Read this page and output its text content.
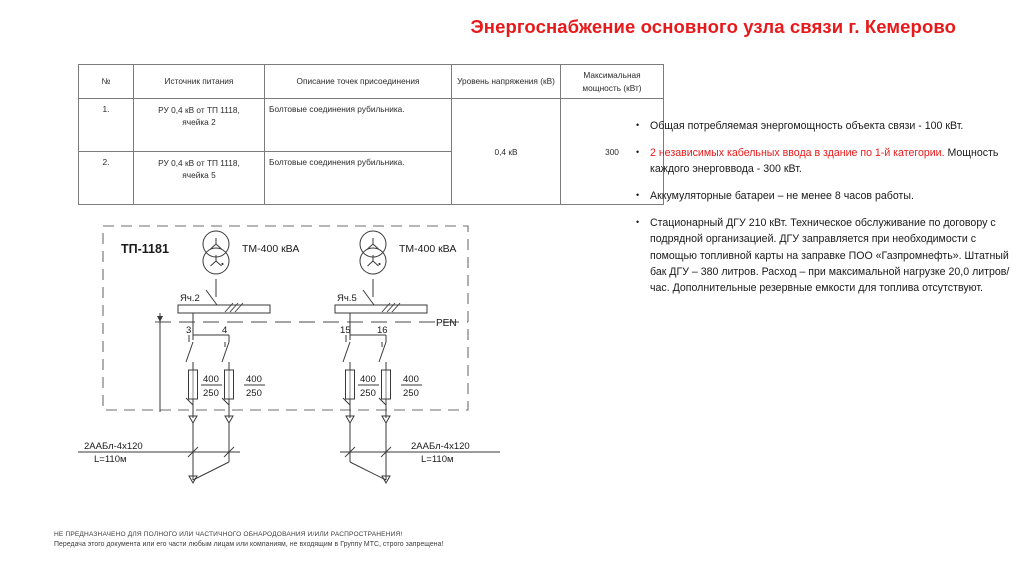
Энергоснабжение основного узла связи г. Кемерово
№	Источник питания	Описание точек присоединения	Уровень напряжения (кВ)	Максимальная мощность (кВт)
1.	РУ 0,4 кВ от ТП 1118,
ячейка 2	Болтовые соединения рубильника.	0,4 кВ	300
2.	РУ 0,4 кВ от ТП 1118,
ячейка 5	Болтовые соединения рубильника.		
•	Общая потребляемая энергомощность объекта связи - 100 кВт.
•	2 независимых кабельных ввода в здание по 1-й категории. Мощность каждого энерговвода - 300 кВт.
•	Аккумуляторные батареи – не менее 8 часов работы.
•	Стационарный ДГУ 210 кВт. Техническое обслуживание по договору с подрядной организацией. ДГУ заправляется при необходимости с помощью топливной карты на заправке ПОО «Газпромнефть». Штатный бак ДГУ – 380 литров. Расход – при максимальной нагрузке 20,0 литров/час. Дополнительные резервные емкости для топлива отсутствуют.
ТП-1181	ТМ-400 кВА
Яч.2
PEN
3
400
250
4
400
250
ТМ-400 кВА
Яч.5
15
400
250
16
400
250
2ААБл-4х120
L=110м
2ААБл-4х120
L=110м
НЕ ПРЕДНАЗНАЧЕНО ДЛЯ ПОЛНОГО ИЛИ ЧАСТИЧНОГО ОБНАРОДОВАНИЯ И/ИЛИ РАСПРОСТРАНЕНИЯ!
Передача этого документа или его части любым лицам или компаниям, не входящим в Группу МТС, строго запрещена!
